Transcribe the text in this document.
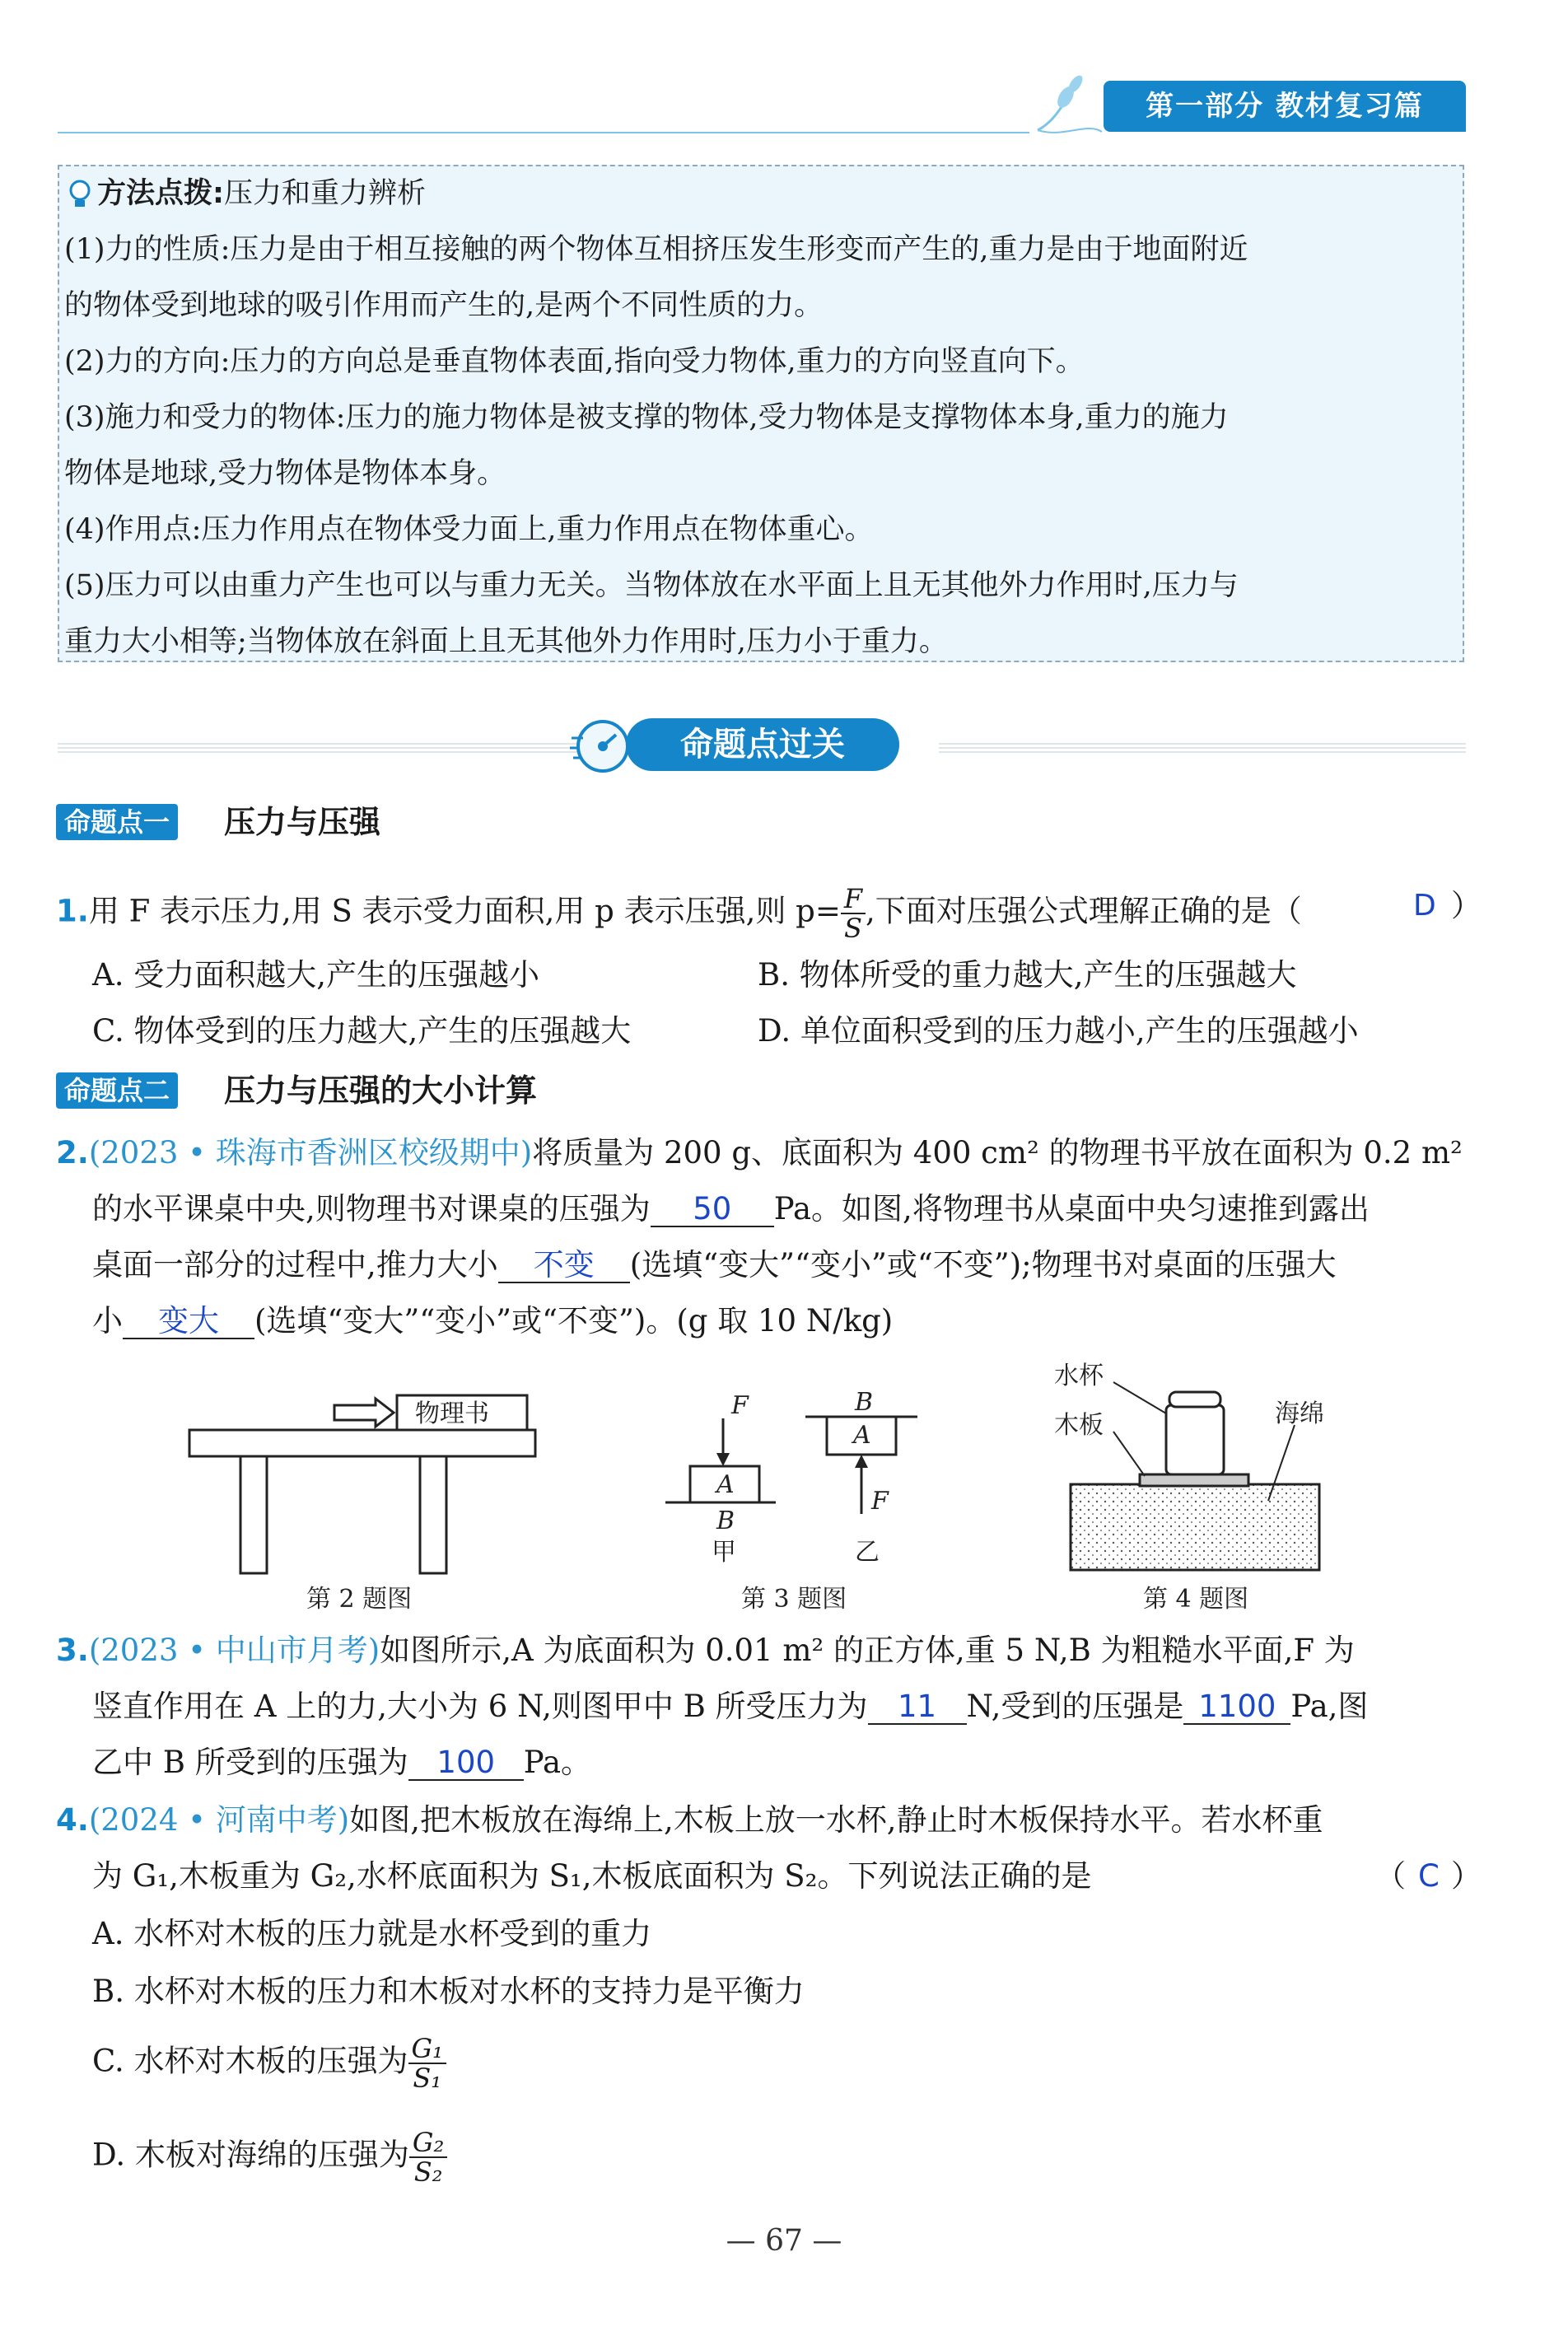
第一部分 教材复习篇
方法点拨:压力和重力辨析
(1)力的性质:压力是由于相互接触的两个物体互相挤压发生形变而产生的,重力是由于地面附近
的物体受到地球的吸引作用而产生的,是两个不同性质的力。
(2)力的方向:压力的方向总是垂直物体表面,指向受力物体,重力的方向竖直向下。
(3)施力和受力的物体:压力的施力物体是被支撑的物体,受力物体是支撑物体本身,重力的施力
物体是地球,受力物体是物体本身。
(4)作用点:压力作用点在物体受力面上,重力作用点在物体重心。
(5)压力可以由重力产生也可以与重力无关。当物体放在水平面上且无其他外力作用时,压力与
重力大小相等;当物体放在斜面上且无其他外力作用时,压力小于重力。
命题点过关
命题点一 压力与压强
1.用 F 表示压力,用 S 表示受力面积,用 p 表示压强,则 $p= \frac{F}{S}$ ,下面对压强公式理解正确的是（	D ）
A. 受力面积越大,产生的压强越小	B. 物体所受的重力越大,产生的压强越大
C. 物体受到的压力越大,产生的压强越大	D. 单位面积受到的压力越小,产生的压强越小
命题点二 压力与压强的大小计算
2.(2023 • 珠海市香洲区校级期中)将质量为 200 g、底面积为 400 cm² 的物理书平放在面积为 0.2 m²
的水平课桌中央,则物理书对课桌的压强为 50 Pa。如图,将物理书从桌面中央匀速推到露出
桌面一部分的过程中,推力大小 不变 (选填“变大”“变小”或“不变”);物理书对桌面的压强大
小 变大 (选填“变大”“变小”或“不变”)。(g 取 10 N/kg)
物理书
第 2 题图
F
A
B
甲
B
A
F
乙
第 3 题图
水杯
木板	海绵
第 4 题图
3.(2023 • 中山市月考)如图所示,A 为底面积为 0.01 m² 的正方体,重 5 N,B 为粗糙水平面,F 为
竖直作用在 A 上的力,大小为 6 N,则图甲中 B 所受压力为 11 N,受到的压强是 1100 Pa,图
乙中 B 所受到的压强为 100 Pa。
4.(2024 • 河南中考)如图,把木板放在海绵上,木板上放一水杯,静止时木板保持水平。若水杯重
为 G₁,木板重为 G₂,水杯底面积为 S₁,木板底面积为 S₂。下列说法正确的是	（ C ）
A. 水杯对木板的压力就是水杯受到的重力
B. 水杯对木板的压力和木板对水杯的支持力是平衡力
C. 水杯对木板的压强为 $\frac{\text{G₁}}{\text{S₁}}$
D. 木板对海绵的压强为 $\frac{\text{G₂}}{\text{S₂}}$
— 67 —
